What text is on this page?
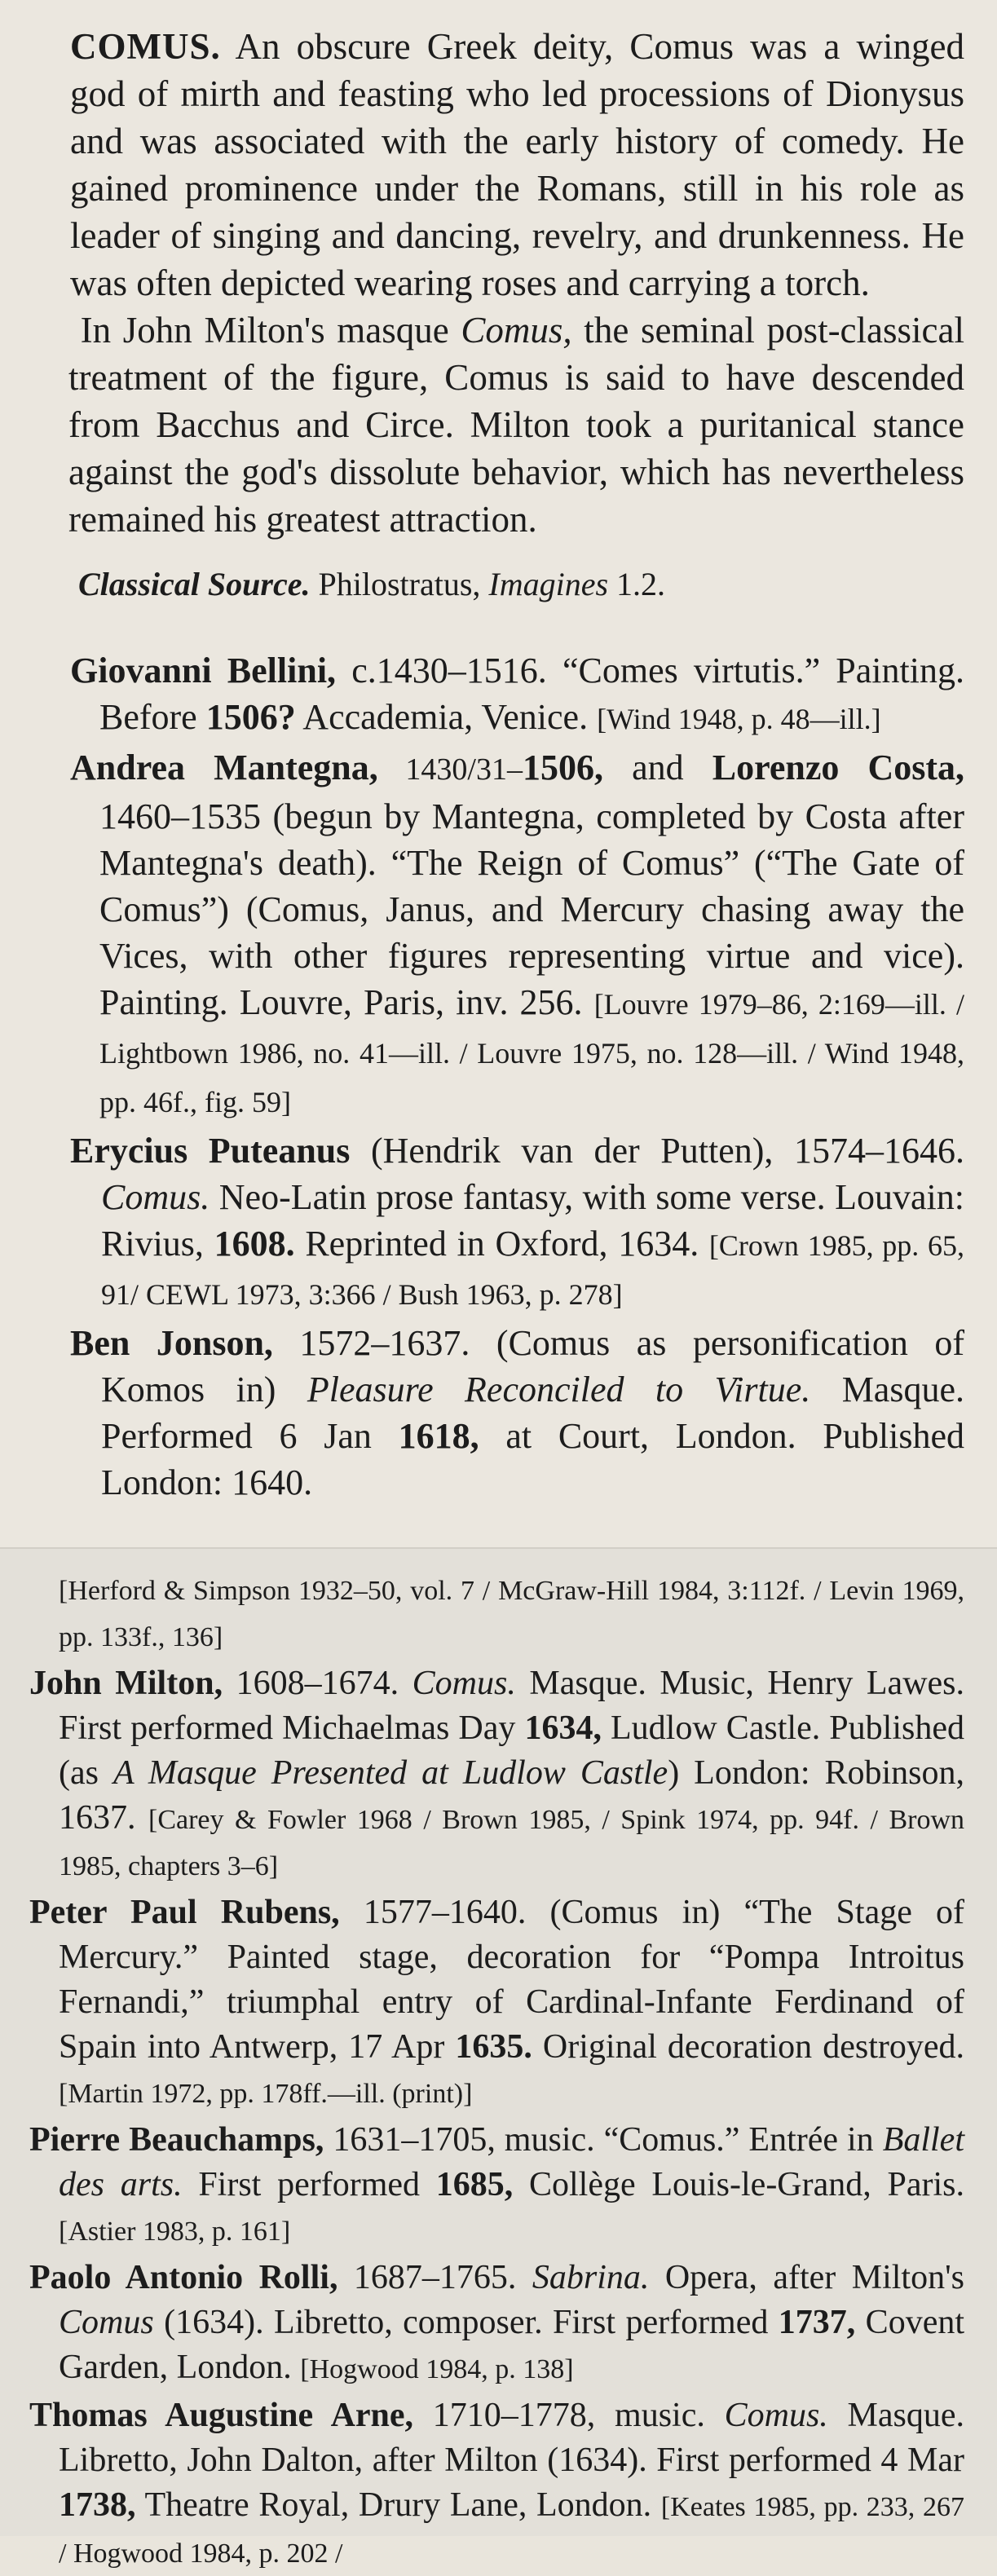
COMUS. An obscure Greek deity, Comus was a winged god of mirth and feasting who led processions of Dionysus and was associated with the early history of comedy. He gained prominence under the Romans, still in his role as leader of singing and dancing, revelry, and drunkenness. He was often depicted wearing roses and carrying a torch.

In John Milton's masque Comus, the seminal post-classical treatment of the figure, Comus is said to have descended from Bacchus and Circe. Milton took a puritanical stance against the god's dissolute behavior, which has nevertheless remained his greatest attraction.

Classical Source. Philostratus, Imagines 1.2.

Giovanni Bellini, c.1430–1516. “Comes virtutis.” Painting. Before 1506? Accademia, Venice. [Wind 1948, p. 48—ill.]

Andrea Mantegna, 1430/31–1506, and Lorenzo Costa, 1460–1535 (begun by Mantegna, completed by Costa after Mantegna's death). “The Reign of Comus” (“The Gate of Comus”) (Comus, Janus, and Mercury chasing away the Vices, with other figures representing virtue and vice). Painting. Louvre, Paris, inv. 256. [Louvre 1979–86, 2:169—ill. / Lightbown 1986, no. 41—ill. / Louvre 1975, no. 128—ill. / Wind 1948, pp. 46f., fig. 59]

Erycius Puteanus (Hendrik van der Putten), 1574–1646. Comus. Neo-Latin prose fantasy, with some verse. Louvain: Rivius, 1608. Reprinted in Oxford, 1634. [Crown 1985, pp. 65, 91/ CEWL 1973, 3:366 / Bush 1963, p. 278]

Ben Jonson, 1572–1637. (Comus as personification of Komos in) Pleasure Reconciled to Virtue. Masque. Performed 6 Jan 1618, at Court, London. Published London: 1640.

[Herford & Simpson 1932–50, vol. 7 / McGraw-Hill 1984, 3:112f. / Levin 1969, pp. 133f., 136]

John Milton, 1608–1674. Comus. Masque. Music, Henry Lawes. First performed Michaelmas Day 1634, Ludlow Castle. Published (as A Masque Presented at Ludlow Castle) London: Robinson, 1637. [Carey & Fowler 1968 / Brown 1985, / Spink 1974, pp. 94f. / Brown 1985, chapters 3–6]

Peter Paul Rubens, 1577–1640. (Comus in) “The Stage of Mercury.” Painted stage, decoration for “Pompa Introitus Fernandi,” triumphal entry of Cardinal-Infante Ferdinand of Spain into Antwerp, 17 Apr 1635. Original decoration destroyed. [Martin 1972, pp. 178ff.—ill. (print)]

Pierre Beauchamps, 1631–1705, music. “Comus.” Entrée in Ballet des arts. First performed 1685, Collège Louis-le-Grand, Paris. [Astier 1983, p. 161]

Paolo Antonio Rolli, 1687–1765. Sabrina. Opera, after Milton's Comus (1634). Libretto, composer. First performed 1737, Covent Garden, London. [Hogwood 1984, p. 138]

Thomas Augustine Arne, 1710–1778, music. Comus. Masque. Libretto, John Dalton, after Milton (1634). First performed 4 Mar 1738, Theatre Royal, Drury Lane, London. [Keates 1985, pp. 233, 267 / Hogwood 1984, p. 202 /
